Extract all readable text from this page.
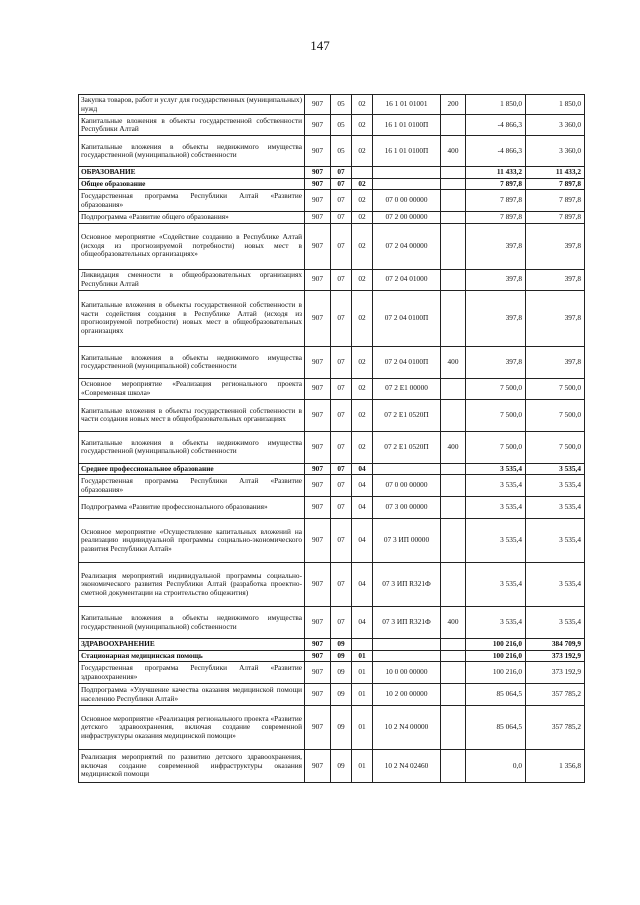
147
Закупка товаров, работ и услуг для государственных (муниципальных) нужд	907	05	02	16 1 01 01001	200	1 850,0	1 850,0
Капитальные вложения в объекты государственной собственности Республики Алтай	907	05	02	16 1 01 0100П		-4 866,3	3 360,0
Капитальные вложения в объекты недвижимого имущества государственной (муниципальной) собственности	907	05	02	16 1 01 0100П	400	-4 866,3	3 360,0
ОБРАЗОВАНИЕ	907	07				11 433,2	11 433,2
Общее образование	907	07	02			7 897,8	7 897,8
Государственная программа Республики Алтай «Развитие образования»	907	07	02	07 0 00 00000		7 897,8	7 897,8
Подпрограмма «Развитие общего образования»	907	07	02	07 2 00 00000		7 897,8	7 897,8
Основное мероприятие «Содействие созданию в Республике Алтай (исходя из прогнозируемой потребности) новых мест в общеобразовательных организациях»	907	07	02	07 2 04 00000		397,8	397,8
Ликвидация сменности в общеобразовательных организациях Республики Алтай	907	07	02	07 2 04 01000		397,8	397,8
Капитальные вложения в объекты государственной собственности в части содействия создания в Республике Алтай (исходя из прогнозируемой потребности) новых мест в общеобразовательных организациях	907	07	02	07 2 04 0100П		397,8	397,8
Капитальные вложения в объекты недвижимого имущества государственной (муниципальной) собственности	907	07	02	07 2 04 0100П	400	397,8	397,8
Основное мероприятие «Реализация регионального проекта «Современная школа»	907	07	02	07 2 Е1 00000		7 500,0	7 500,0
Капитальные вложения в объекты государственной собственности в части создания новых мест в общеобразовательных организациях	907	07	02	07 2 Е1 0520П		7 500,0	7 500,0
Капитальные вложения в объекты недвижимого имущества государственной (муниципальной) собственности	907	07	02	07 2 Е1 0520П	400	7 500,0	7 500,0
Среднее профессиональное образование	907	07	04			3 535,4	3 535,4
Государственная программа Республики Алтай «Развитие образования»	907	07	04	07 0 00 00000		3 535,4	3 535,4
Подпрограмма «Развитие профессионального образования»	907	07	04	07 3 00 00000		3 535,4	3 535,4
Основное мероприятие «Осуществление капитальных вложений на реализацию индивидуальной программы социально-экономического развития Республики Алтай»	907	07	04	07 3 ИП 00000		3 535,4	3 535,4
Реализация мероприятий индивидуальной программы социально-экономического развития Республики Алтай (разработка проектно-сметной документации на строительство общежития)	907	07	04	07 3 ИП R321Ф		3 535,4	3 535,4
Капитальные вложения в объекты недвижимого имущества государственной (муниципальной) собственности	907	07	04	07 3 ИП R321Ф	400	3 535,4	3 535,4
ЗДРАВООХРАНЕНИЕ	907	09				100 216,0	384 709,9
Стационарная медицинская помощь	907	09	01			100 216,0	373 192,9
Государственная программа Республики Алтай «Развитие здравоохранения»	907	09	01	10 0 00 00000		100 216,0	373 192,9
Подпрограмма «Улучшение качества оказания медицинской помощи населению Республики Алтай»	907	09	01	10 2 00 00000		85 064,5	357 785,2
Основное мероприятие «Реализация регионального проекта «Развитие детского здравоохранения, включая создание современной инфраструктуры оказания медицинской помощи»	907	09	01	10 2 N4 00000		85 064,5	357 785,2
Реализация мероприятий по развитию детского здравоохранения, включая создание современной инфраструктуры оказания медицинской помощи	907	09	01	10 2 N4 02460		0,0	1 356,8
